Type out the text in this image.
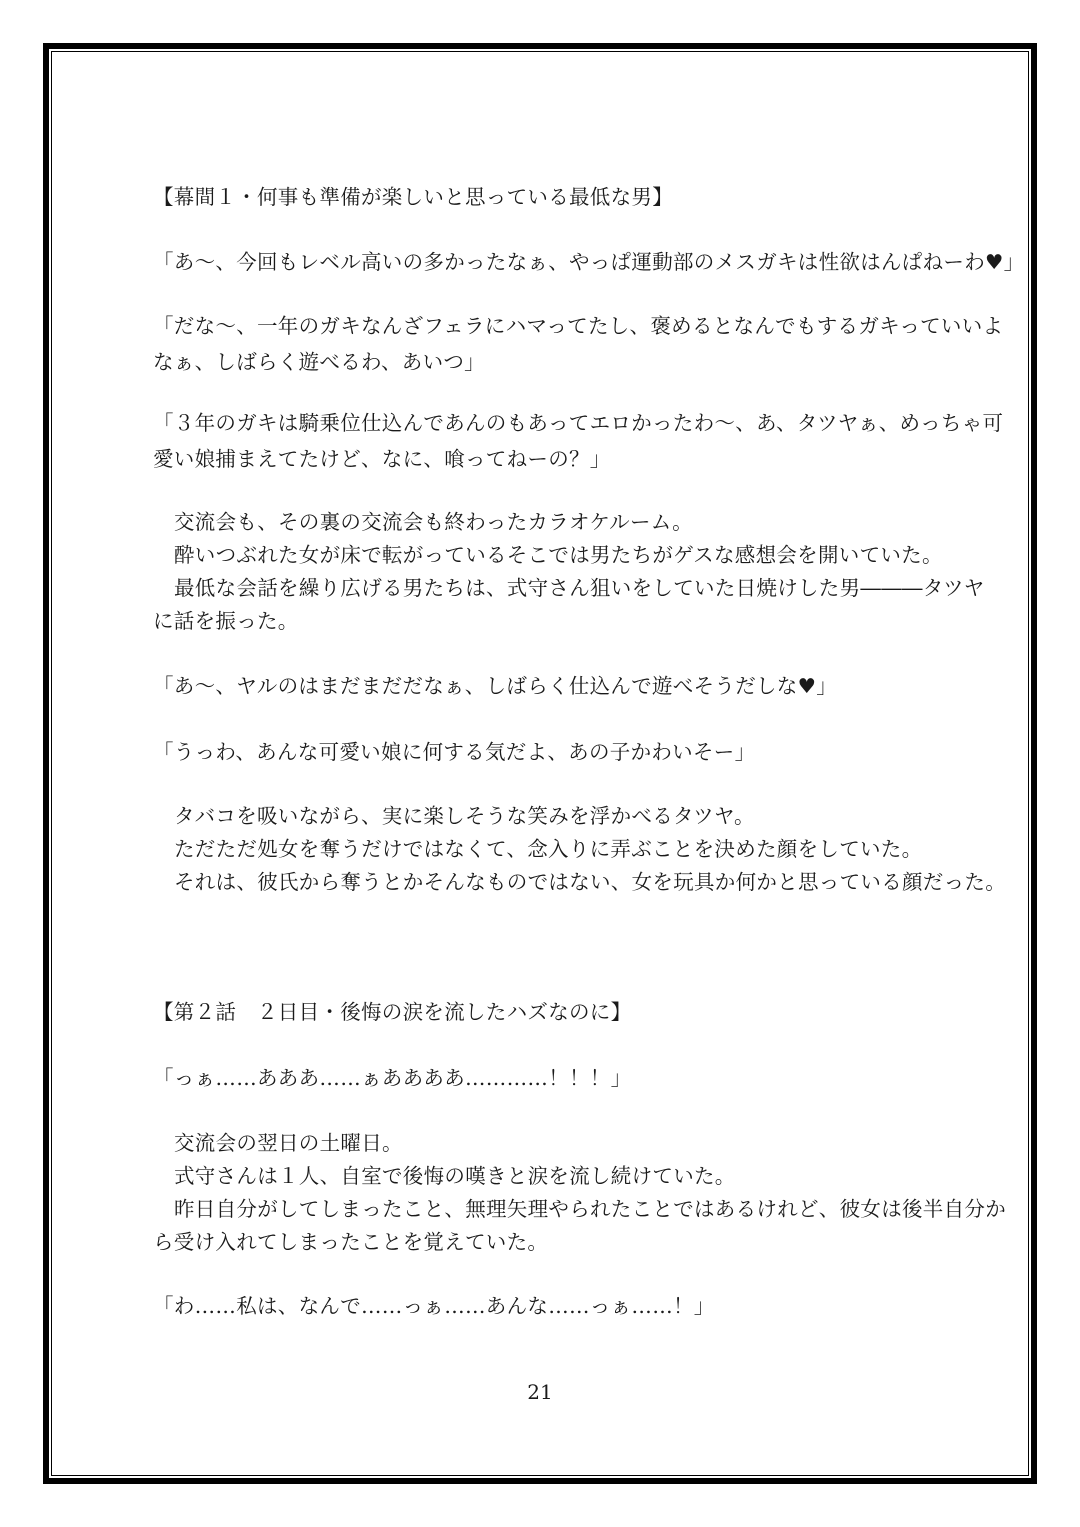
【幕間１・何事も準備が楽しいと思っている最低な男】
「あ～、今回もレベル高いの多かったなぁ、やっぱ運動部のメスガキは性欲はんぱねーわ♥」
「だな～、一年のガキなんざフェラにハマってたし、褒めるとなんでもするガキっていいよ
なぁ、しばらく遊べるわ、あいつ」
「３年のガキは騎乗位仕込んであんのもあってエロかったわ～、あ、タツヤぁ、めっちゃ可
愛い娘捕まえてたけど、なに、喰ってねーの？」
交流会も、その裏の交流会も終わったカラオケルーム。
酔いつぶれた女が床で転がっているそこでは男たちがゲスな感想会を開いていた。
最低な会話を繰り広げる男たちは、式守さん狙いをしていた日焼けした男―――タツヤ
に話を振った。
「あ～、ヤルのはまだまだだなぁ、しばらく仕込んで遊べそうだしな♥」
「うっわ、あんな可愛い娘に何する気だよ、あの子かわいそー」
タバコを吸いながら、実に楽しそうな笑みを浮かべるタツヤ。
ただただ処女を奪うだけではなくて、念入りに弄ぶことを決めた顔をしていた。
それは、彼氏から奪うとかそんなものではない、女を玩具か何かと思っている顔だった。
【第２話　２日目・後悔の涙を流したハズなのに】
「っぁ……あああ……ぁああああ…………！！！」
交流会の翌日の土曜日。
式守さんは１人、自室で後悔の嘆きと涙を流し続けていた。
昨日自分がしてしまったこと、無理矢理やられたことではあるけれど、彼女は後半自分か
ら受け入れてしまったことを覚えていた。
「わ……私は、なんで……っぁ……あんな……っぁ……！」
21
